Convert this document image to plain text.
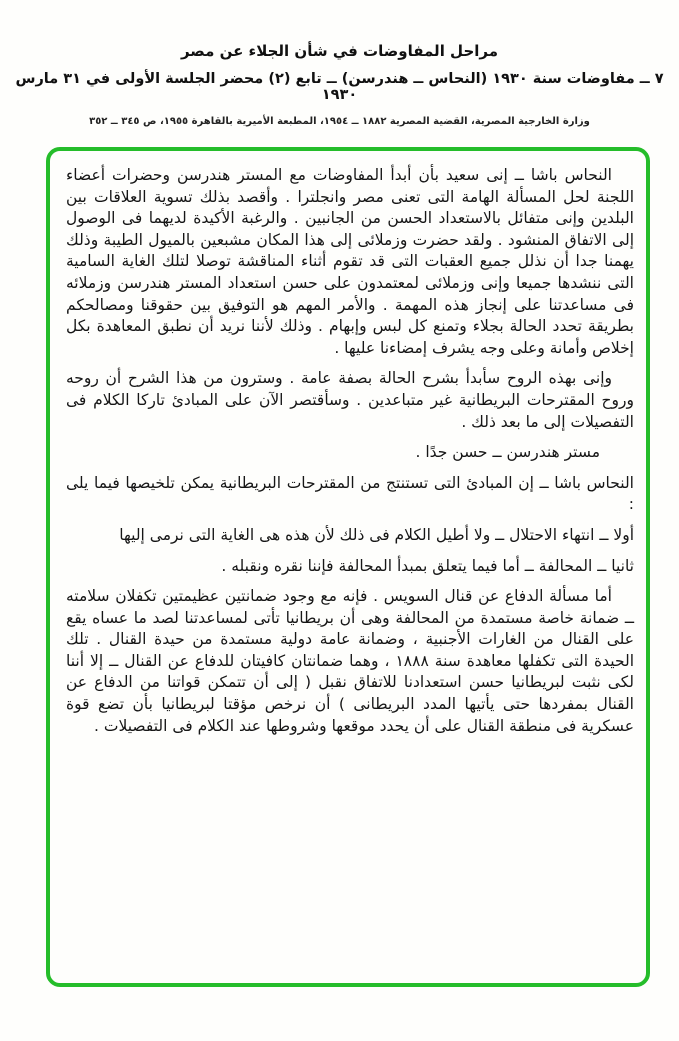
مراحل المفاوضات في شأن الجلاء عن مصر
٧ ــ مفاوضات سنة ١٩٣٠ (النحاس ــ هندرسن) ــ تابع (٢) محضر الجلسة الأولى في ٣١ مارس ١٩٣٠
وزارة الخارجية المصرية، القضية المصرية ١٨٨٢ ــ ١٩٥٤، المطبعة الأميرية بالقاهرة ١٩٥٥، ص ٣٤٥ ــ ٣٥٢

النحاس باشا ــ إنى سعيد بأن أبدأ المفاوضات مع المستر هندرسن وحضرات أعضاء اللجنة لحل المسألة الهامة التى تعنى مصر وانجلترا . وأقصد بذلك تسوية العلاقات بين البلدين وإنى متفائل بالاستعداد الحسن من الجانبين . والرغبة الأكيدة لديهما فى الوصول إلى الاتفاق المنشود . ولقد حضرت وزملائى إلى هذا المكان مشبعين بالميول الطيبة وذلك يهمنا جدا أن نذلل جميع العقبات التى قد تقوم أثناء المناقشة توصلا لتلك الغاية السامية التى ننشدها جميعا وإنى وزملائى لمعتمدون على حسن استعداد المستر هندرسن وزملائه فى مساعدتنا على إنجاز هذه المهمة . والأمر المهم هو التوفيق بين حقوقنا ومصالحكم بطريقة تحدد الحالة بجلاء وتمنع كل لبس وإبهام . وذلك لأننا نريد أن نطبق المعاهدة بكل إخلاص وأمانة وعلى وجه يشرف إمضاءنا عليها .

وإنى بهذه الروح سأبدأ بشرح الحالة بصفة عامة . وسترون من هذا الشرح أن روحه وروح المقترحات البريطانية غير متباعدين . وسأقتصر الآن على المبادئ تاركا الكلام فى التفصيلات إلى ما بعد ذلك .

مستر هندرسن ــ حسن جدًا .

النحاس باشا ــ إن المبادئ التى تستنتج من المقترحات البريطانية يمكن تلخيصها فيما يلى :

أولا ــ انتهاء الاحتلال ــ ولا أطيل الكلام فى ذلك لأن هذه هى الغاية التى نرمى إليها

ثانيا ــ المحالفة ــ أما فيما يتعلق بمبدأ المحالفة فإننا نقره ونقبله .

أما مسألة الدفاع عن قنال السويس . فإنه مع وجود ضمانتين عظيمتين تكفلان سلامته ــ ضمانة خاصة مستمدة من المحالفة وهى أن بريطانيا تأتى لمساعدتنا لصد ما عساه يقع على القنال من الغارات الأجنبية ، وضمانة عامة دولية مستمدة من حيدة القنال . تلك الحيدة التى تكفلها معاهدة سنة ١٨٨٨ ، وهما ضمانتان كافيتان للدفاع عن القنال ــ إلا أننا لكى نثبت لبريطانيا حسن استعدادنا للاتفاق نقبل ( إلى أن تتمكن قواتنا من الدفاع عن القنال بمفردها حتى يأتيها المدد البريطانى ) أن نرخص مؤقتا لبريطانيا بأن تضع قوة عسكرية فى منطقة القنال على أن يحدد موقعها وشروطها عند الكلام فى التفصيلات .
